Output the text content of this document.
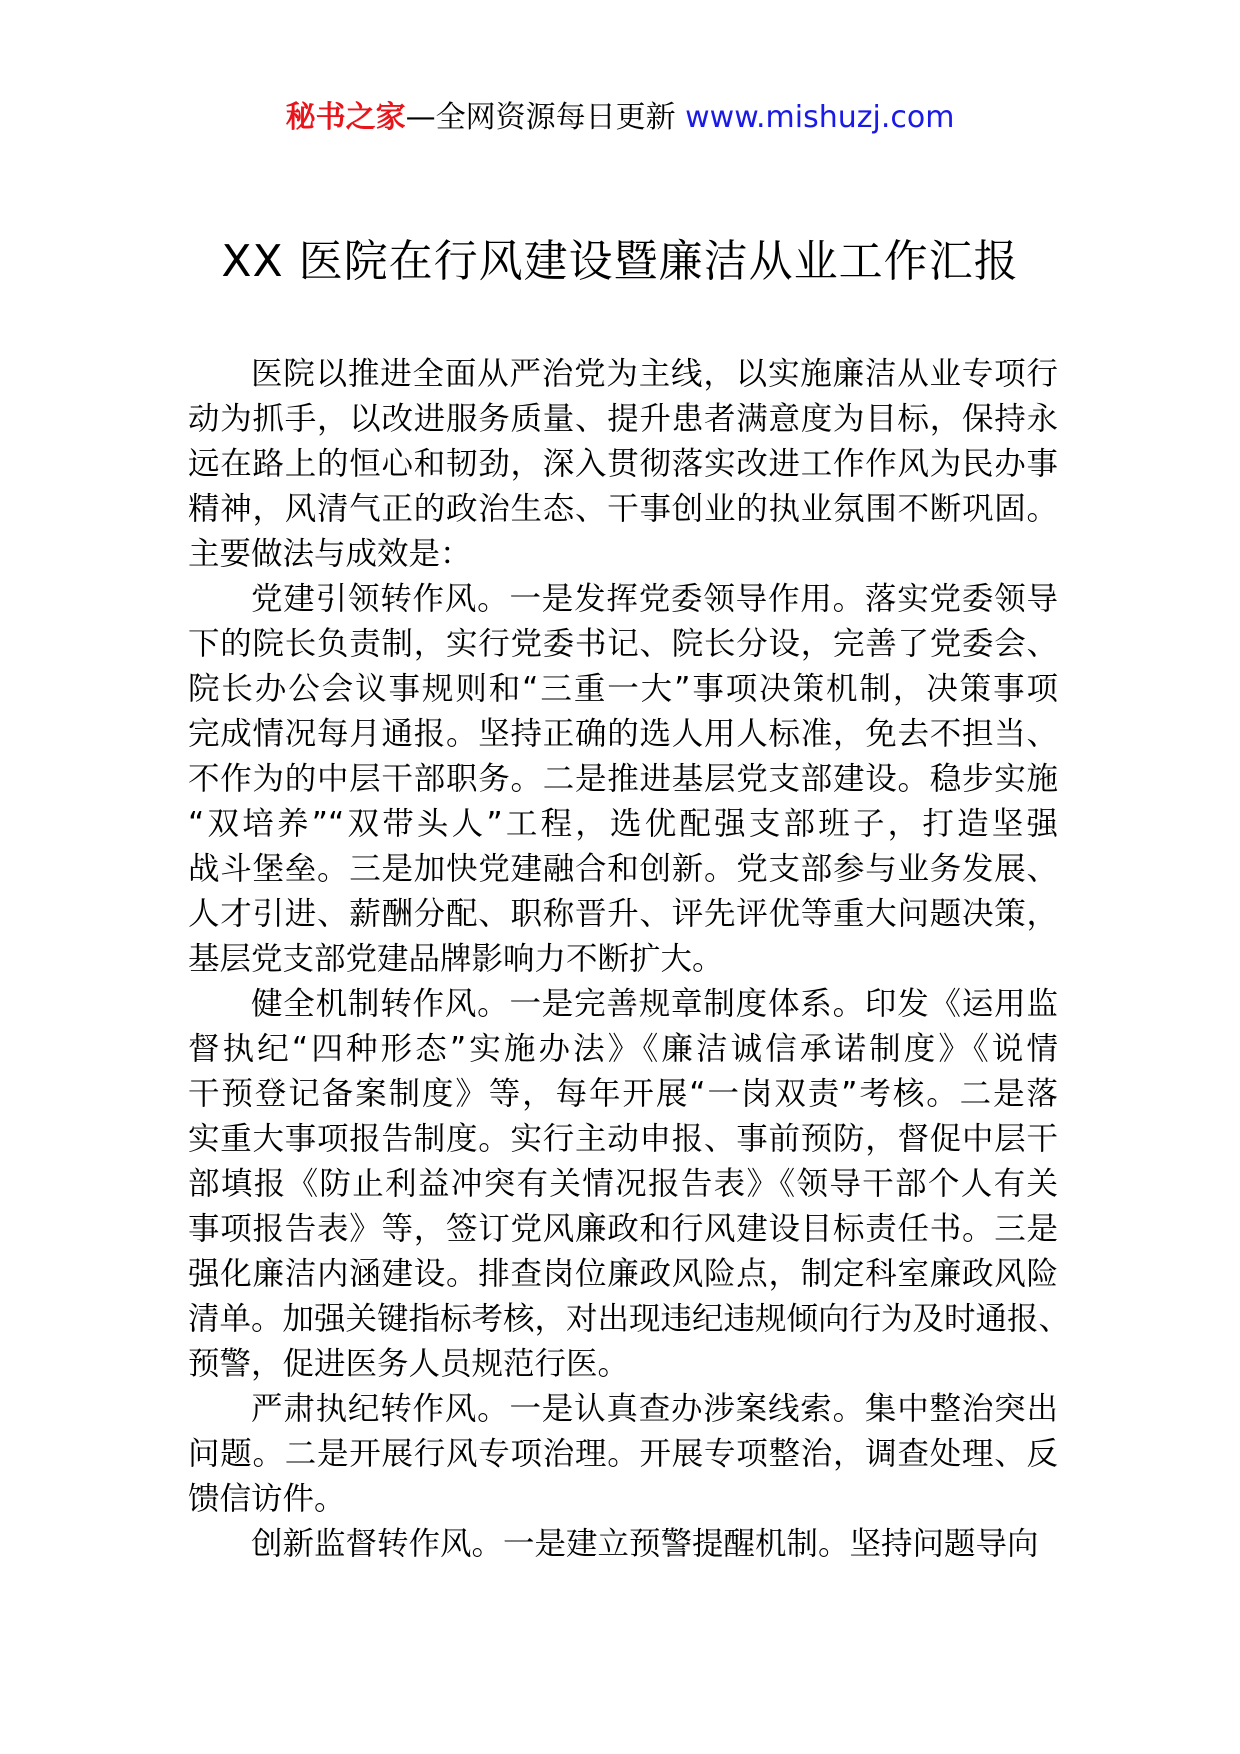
秘书之家—全网资源每日更新 www.mishuzj.com
XX 医院在行风建设暨廉洁从业工作汇报
医院以推进全面从严治党为主线，以实施廉洁从业专项行
动为抓手，以改进服务质量、提升患者满意度为目标，保持永
远在路上的恒心和韧劲，深入贯彻落实改进工作作风为民办事
精神，风清气正的政治生态、干事创业的执业氛围不断巩固。
主要做法与成效是：
党建引领转作风。一是发挥党委领导作用。落实党委领导
下的院长负责制，实行党委书记、院长分设，完善了党委会、
院长办公会议事规则和“三重一大”事项决策机制，决策事项
完成情况每月通报。坚持正确的选人用人标准，免去不担当、
不作为的中层干部职务。二是推进基层党支部建设。稳步实施
“双培养”“双带头人”工程，选优配强支部班子，打造坚强
战斗堡垒。三是加快党建融合和创新。党支部参与业务发展、
人才引进、薪酬分配、职称晋升、评先评优等重大问题决策，
基层党支部党建品牌影响力不断扩大。
健全机制转作风。一是完善规章制度体系。印发《运用监
督执纪“四种形态”实施办法》《廉洁诚信承诺制度》《说情
干预登记备案制度》等，每年开展“一岗双责”考核。二是落
实重大事项报告制度。实行主动申报、事前预防，督促中层干
部填报《防止利益冲突有关情况报告表》《领导干部个人有关
事项报告表》等，签订党风廉政和行风建设目标责任书。三是
强化廉洁内涵建设。排查岗位廉政风险点，制定科室廉政风险
清单。加强关键指标考核，对出现违纪违规倾向行为及时通报、
预警，促进医务人员规范行医。
严肃执纪转作风。一是认真查办涉案线索。集中整治突出
问题。二是开展行风专项治理。开展专项整治，调查处理、反
馈信访件。
创新监督转作风。一是建立预警提醒机制。坚持问题导向
